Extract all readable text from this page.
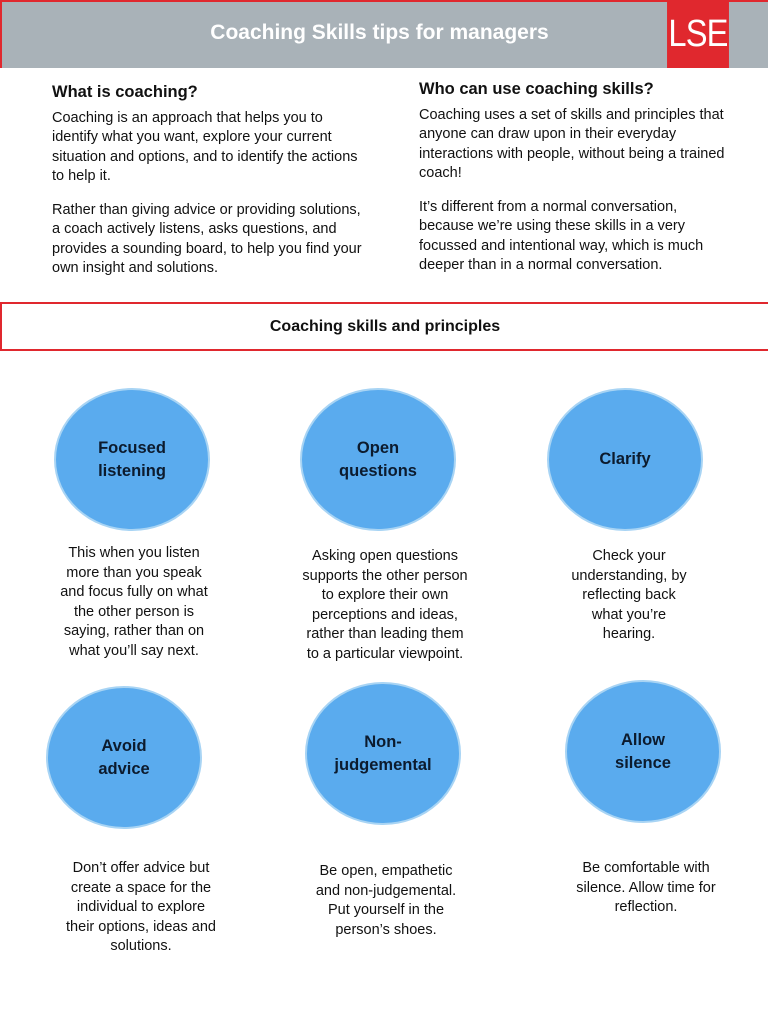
Coaching Skills tips for managers	LSE
What is coaching?

Coaching is an approach that helps you to identify what you want, explore your current situation and options, and to identify the actions to help it.

Rather than giving advice or providing solutions, a coach actively listens, asks questions, and provides a sounding board, to help you find your own insight and solutions.

Who can use coaching skills?

Coaching uses a set of skills and principles that anyone can draw upon in their everyday interactions with people, without being a trained coach!

It’s different from a normal conversation, because we’re using these skills in a very focussed and intentional way, which is much deeper than in a normal conversation.

Coaching skills and principles
Focused
listening
This when you listen
more than you speak
and focus fully on what
the other person is
saying, rather than on
what you’ll say next.
Open
questions
Asking open questions
supports the other person
to explore their own
perceptions and ideas,
rather than leading them
to a particular viewpoint.
Clarify
Check your
understanding, by
reflecting back
what you’re
hearing.
Avoid
advice
Don’t offer advice but
create a space for the
individual to explore
their options, ideas and
solutions.
Non-
judgemental
Be open, empathetic
and non-judgemental.
Put yourself in the
person’s shoes.
Allow
silence
Be comfortable with
silence. Allow time for
reflection.
